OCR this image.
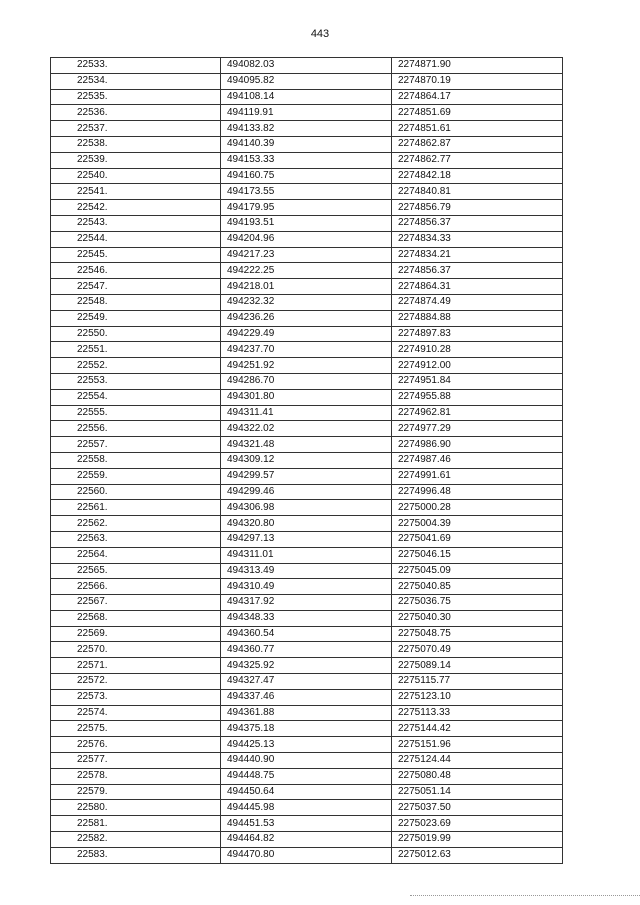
443
22533.	494082.03	2274871.90
22534.	494095.82	2274870.19
22535.	494108.14	2274864.17
22536.	494119.91	2274851.69
22537.	494133.82	2274851.61
22538.	494140.39	2274862.87
22539.	494153.33	2274862.77
22540.	494160.75	2274842.18
22541.	494173.55	2274840.81
22542.	494179.95	2274856.79
22543.	494193.51	2274856.37
22544.	494204.96	2274834.33
22545.	494217.23	2274834.21
22546.	494222.25	2274856.37
22547.	494218.01	2274864.31
22548.	494232.32	2274874.49
22549.	494236.26	2274884.88
22550.	494229.49	2274897.83
22551.	494237.70	2274910.28
22552.	494251.92	2274912.00
22553.	494286.70	2274951.84
22554.	494301.80	2274955.88
22555.	494311.41	2274962.81
22556.	494322.02	2274977.29
22557.	494321.48	2274986.90
22558.	494309.12	2274987.46
22559.	494299.57	2274991.61
22560.	494299.46	2274996.48
22561.	494306.98	2275000.28
22562.	494320.80	2275004.39
22563.	494297.13	2275041.69
22564.	494311.01	2275046.15
22565.	494313.49	2275045.09
22566.	494310.49	2275040.85
22567.	494317.92	2275036.75
22568.	494348.33	2275040.30
22569.	494360.54	2275048.75
22570.	494360.77	2275070.49
22571.	494325.92	2275089.14
22572.	494327.47	2275115.77
22573.	494337.46	2275123.10
22574.	494361.88	2275113.33
22575.	494375.18	2275144.42
22576.	494425.13	2275151.96
22577.	494440.90	2275124.44
22578.	494448.75	2275080.48
22579.	494450.64	2275051.14
22580.	494445.98	2275037.50
22581.	494451.53	2275023.69
22582.	494464.82	2275019.99
22583.	494470.80	2275012.63
